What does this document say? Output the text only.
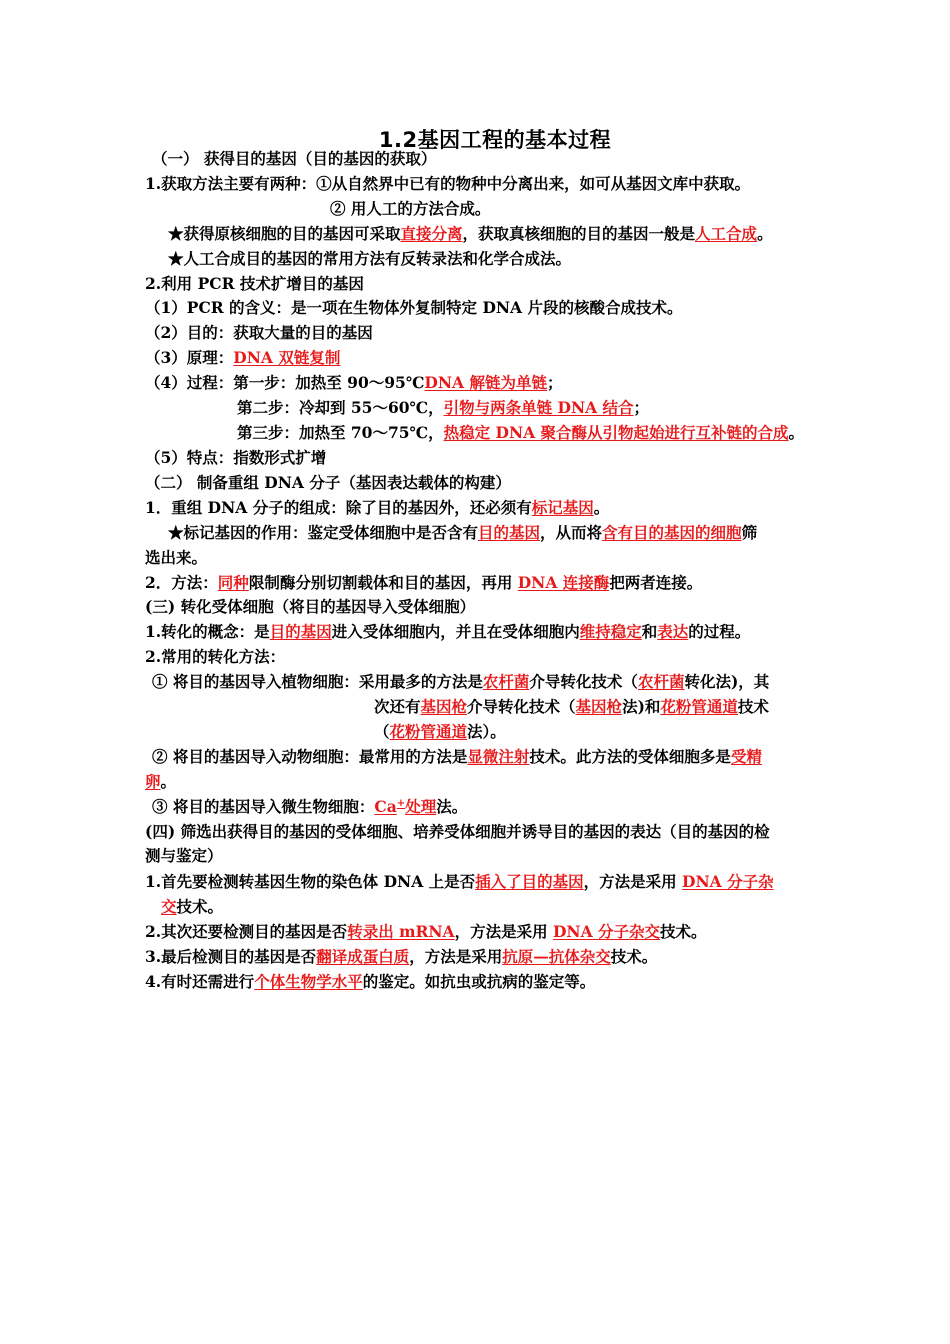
1.2基因工程的基本过程
（一） 获得目的基因（目的基因的获取）
1.获取方法主要有两种：①从自然界中已有的物种中分离出来，如可从基因文库中获取。
② 用人工的方法合成。
★获得原核细胞的目的基因可采取直接分离，获取真核细胞的目的基因一般是人工合成。
★人工合成目的基因的常用方法有反转录法和化学合成法。
2.利用 PCR 技术扩增目的基因
（1）PCR 的含义：是一项在生物体外复制特定 DNA 片段的核酸合成技术。
（2）目的：获取大量的目的基因
（3）原理：DNA 双链复制
（4）过程：第一步：加热至 90～95℃DNA 解链为单链；
第二步：冷却到 55～60℃，引物与两条单链 DNA 结合；
第三步：加热至 70～75℃，热稳定 DNA 聚合酶从引物起始进行互补链的合成。
（5）特点：指数形式扩增
（二） 制备重组 DNA 分子（基因表达载体的构建）
1．重组 DNA 分子的组成：除了目的基因外，还必须有标记基因。
★标记基因的作用：鉴定受体细胞中是否含有目的基因，从而将含有目的基因的细胞筛
选出来。
2．方法：同种限制酶分别切割载体和目的基因，再用 DNA 连接酶把两者连接。
(三) 转化受体细胞（将目的基因导入受体细胞）
1.转化的概念：是目的基因进入受体细胞内，并且在受体细胞内维持稳定和表达的过程。
2.常用的转化方法：
① 将目的基因导入植物细胞：采用最多的方法是农杆菌介导转化技术（农杆菌转化法)，其
次还有基因枪介导转化技术（基因枪法)和花粉管通道技术
（花粉管通道法）。
② 将目的基因导入动物细胞：最常用的方法是显微注射技术。此方法的受体细胞多是受精
卵。
③ 将目的基因导入微生物细胞：Ca+处理法。
(四) 筛选出获得目的基因的受体细胞、培养受体细胞并诱导目的基因的表达（目的基因的检
测与鉴定）
1.首先要检测转基因生物的染色体 DNA 上是否插入了目的基因，方法是采用 DNA 分子杂
交技术。
2.其次还要检测目的基因是否转录出 mRNA，方法是采用 DNA 分子杂交技术。
3.最后检测目的基因是否翻译成蛋白质，方法是采用抗原—抗体杂交技术。
4.有时还需进行个体生物学水平的鉴定。如抗虫或抗病的鉴定等。
